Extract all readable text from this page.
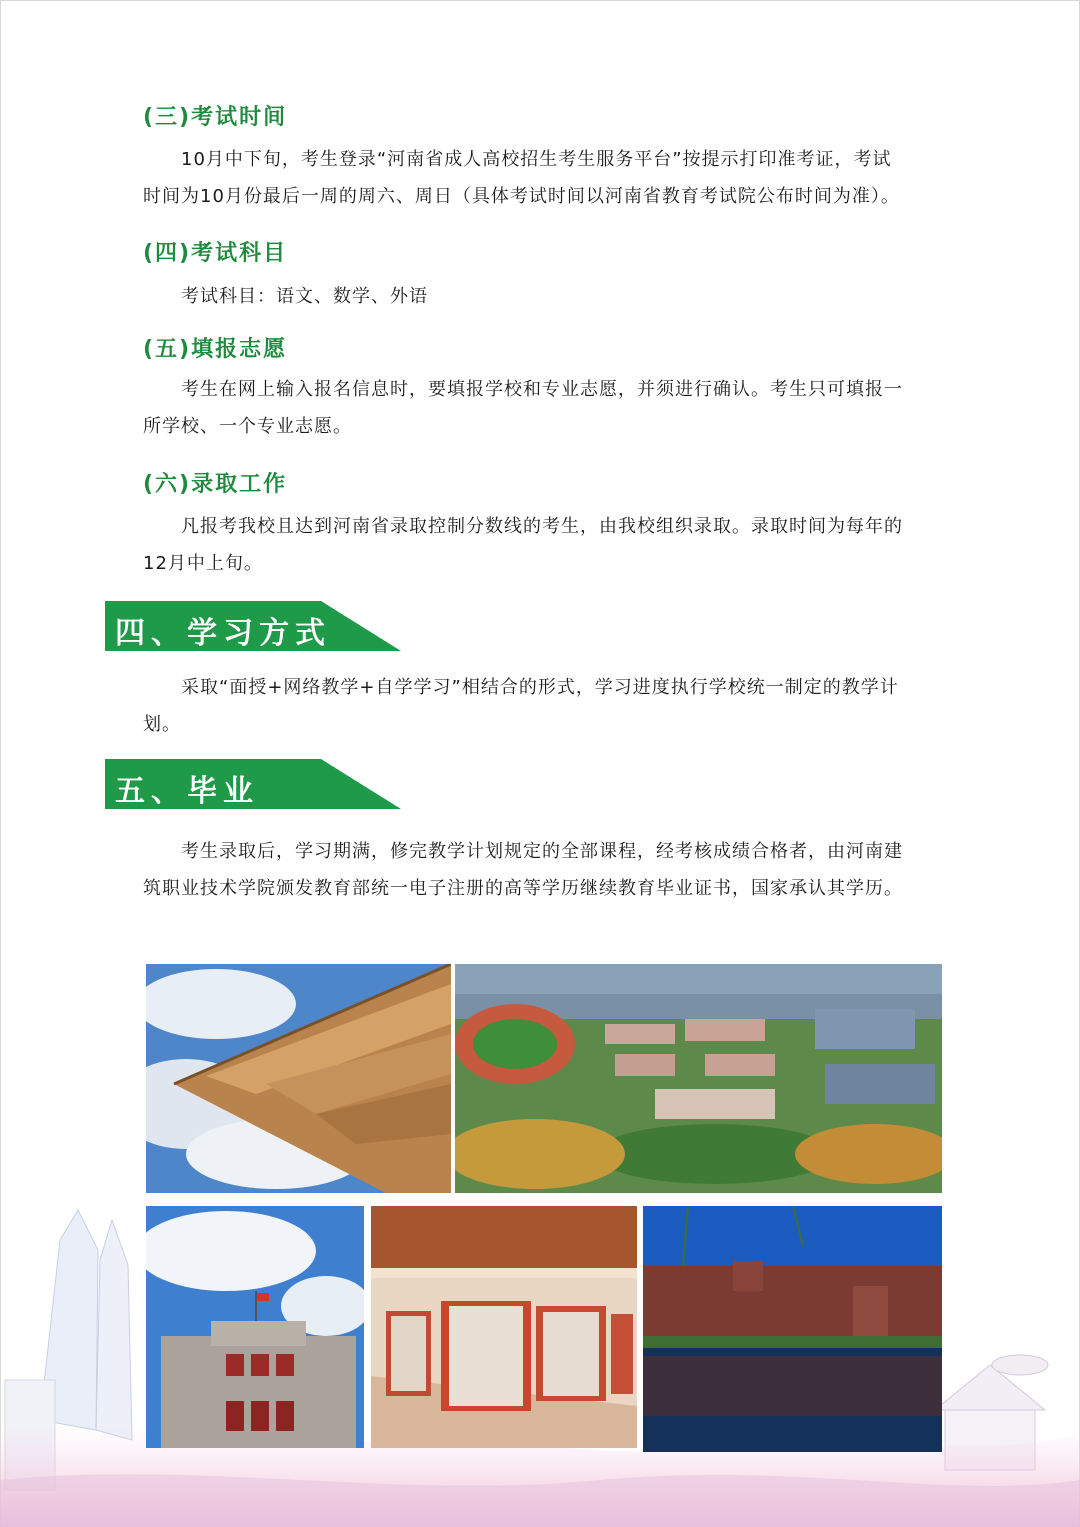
(三)考试时间
10月中下旬，考生登录“河南省成人高校招生考生服务平台”按提示打印准考证，考试
时间为10月份最后一周的周六、周日（具体考试时间以河南省教育考试院公布时间为准）。
(四)考试科目
考试科目：语文、数学、外语
(五)填报志愿
考生在网上输入报名信息时，要填报学校和专业志愿，并须进行确认。考生只可填报一
所学校、一个专业志愿。
(六)录取工作
凡报考我校且达到河南省录取控制分数线的考生，由我校组织录取。录取时间为每年的
12月中上旬。
四、学习方式
采取“面授+网络教学+自学学习”相结合的形式，学习进度执行学校统一制定的教学计
划。
五、毕业
考生录取后，学习期满，修完教学计划规定的全部课程，经考核成绩合格者，由河南建
筑职业技术学院颁发教育部统一电子注册的高等学历继续教育毕业证书，国家承认其学历。
